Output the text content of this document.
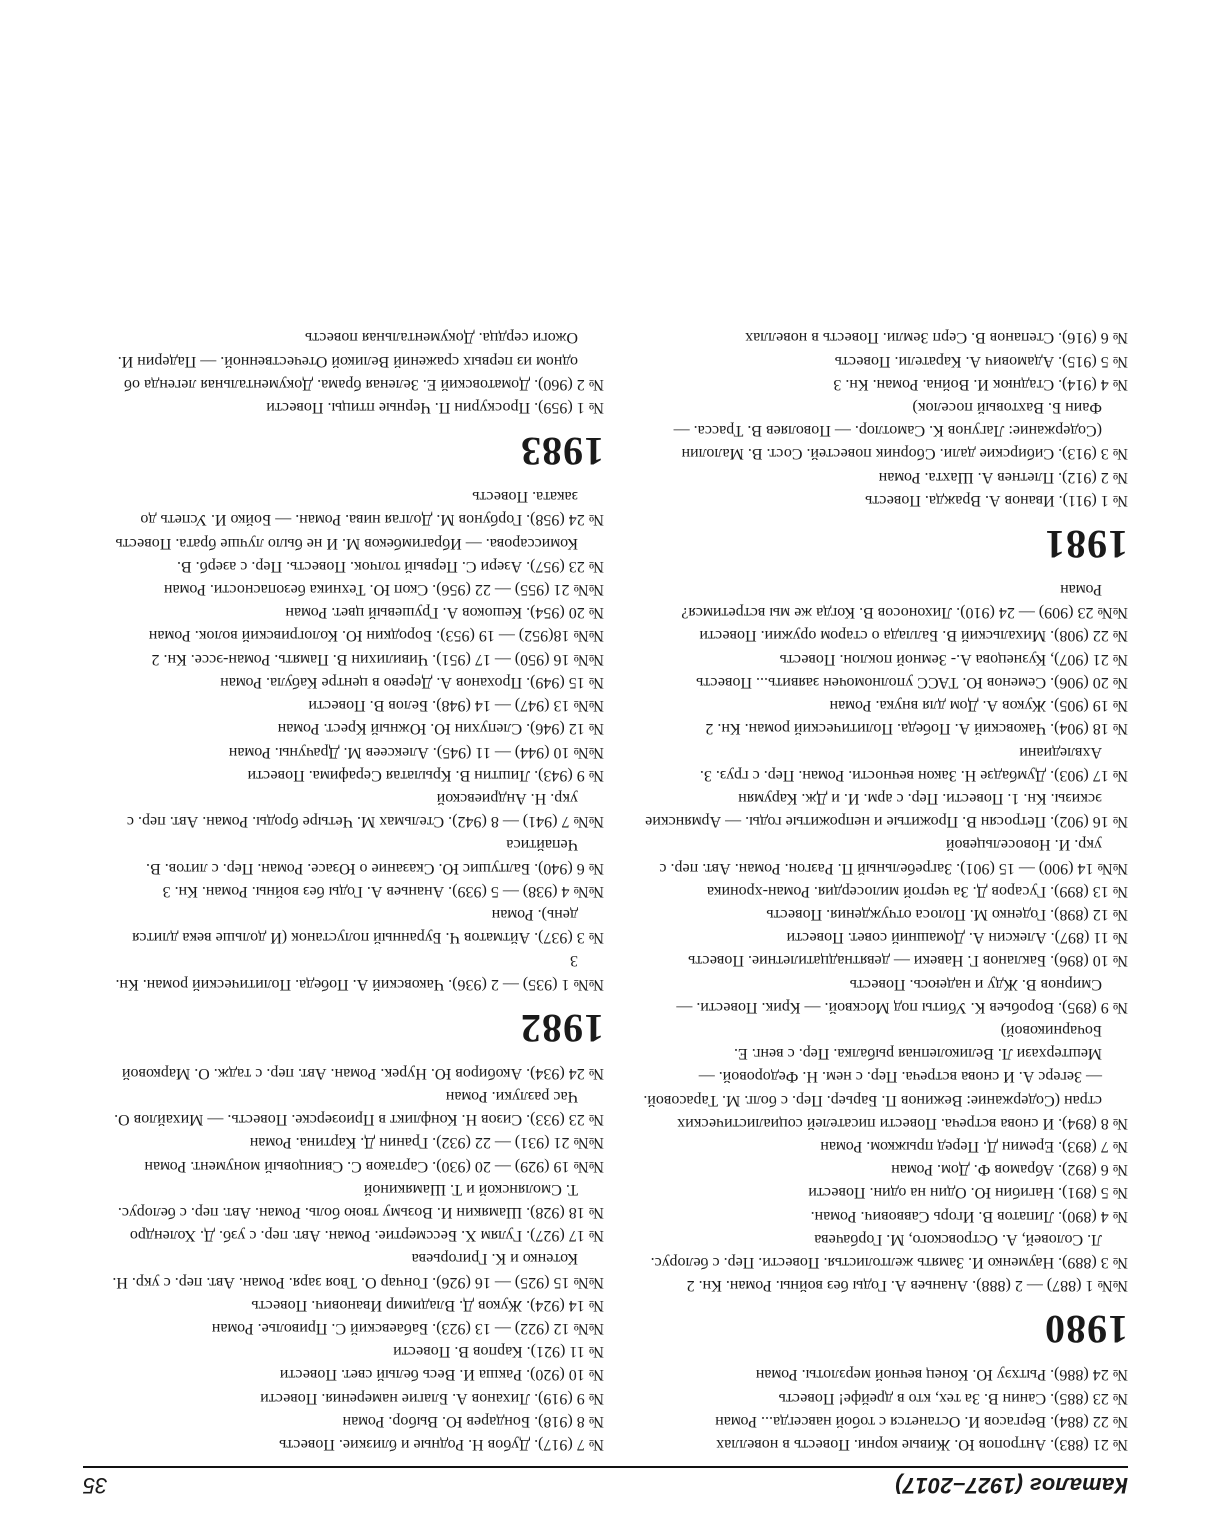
Каталог (1927–2017)
35
№ 21 (883). Антропов Ю. Живые корни. Повесть в новеллах
№ 22 (884). Вергасов И. Останется с тобой навсегда... Роман
№ 23 (885). Санин В. За тех, кто в дрейфе! Повесть
№ 24 (886). Рытхэу Ю. Конец вечной мерзлоты. Роман
1980
№№ 1 (887) — 2 (888). Ананьев А. Годы без войны. Роман. Кн. 2
№ 3 (889). Науменко И. Замять желтолистья. Повести. Пер. с белорус. Л. Соловей, А. Островского, М. Горбачева
№ 4 (890). Липатов В. Игорь Саввович. Роман.
№ 5 (891). Нагибин Ю. Один на один. Повести
№ 6 (892). Абрамов Ф. Дом. Роман
№ 7 (893). Еремин Д. Перед прыжком. Роман
№ 8 (894). И снова встреча. Повести писателей социалистических стран (Содержание: Вежинов П. Барьер. Пер. с болг. М. Тарасовой. — Зегерс А. И снова встреча. Пер. с нем. Н. Федоровой. — Мештерхази Л. Великолепная рыбалка. Пер. с венг. Е. Бочарниковой)
№ 9 (895). Воробьев К. Убиты под Москвой. — Крик. Повести. — Смирнов В. Жду и надеюсь. Повесть
№ 10 (896). Бакланов Г. Навеки — девятнадцатилетние. Повесть
№ 11 (897). Алексин А. Домашний совет. Повести
№ 12 (898). Годенко М. Полоса отчуждения. Повесть
№ 13 (899). Гусаров Д. За чертой милосердия. Роман-хроника
№№ 14 (900) — 15 (901). Загребельный П. Разгон. Роман. Авт. пер. с укр. И. Новосельцевой
№ 16 (902). Петросян В. Прожитые и непрожитые годы. — Армянские эскизы. Кн. 1. Повести. Пер. с арм. И. и Дж. Карумян
№ 17 (903). Думбадзе Н. Закон вечности. Роман. Пер. с груз. З. Ахвледиани
№ 18 (904). Чаковский А. Победа. Политический роман. Кн. 2
№ 19 (905). Жуков А. Дом для внука. Роман
№ 20 (906). Семенов Ю. ТАСС уполномочен заявить... Повесть
№ 21 (907), Кузнецова А.- Земной поклон. Повесть
№ 22 (908). Михальский В. Баллада о старом оружии. Повести
№№ 23 (909) — 24 (910). Лихоносов В. Когда же мы встретимся? Роман
1981
№ 1 (911). Иванов А. Вражда. Повесть
№ 2 (912). Плетнев А. Шахта. Роман
№ 3 (913). Сибирские дали. Сборник повестей. Сост. В. Малолин (Содержание: Лагунов К. Самотлор. — Поволяев В. Трасса. — Фаин Б. Вахтовый поселок)
№ 4 (914). Стаднюк И. Война. Роман. Кн. 3
№ 5 (915). Адамович А. Каратели. Повесть
№ 6 (916). Степанов В. Серп Земли. Повесть в новеллах
№ 7 (917). Дубов Н. Родные и близкие. Повесть
№ 8 (918). Бондарев Ю. Выбор. Роман
№ 9 (919). Лиханов А. Благие намерения. Повести
№ 10 (920). Ракша И. Весь белый свет. Повести
№ 11 (921). Карпов В. Повести
№№ 12 (922) — 13 (923). Бабаевский С. Приволье. Роман
№ 14 (924). Жуков Д. Владимир Иванович. Повесть
№№ 15 (925) — 16 (926). Гончар О. Твоя заря. Роман. Авт. пер. с укр. Н. Котенко и К. Григорьева
№ 17 (927). Гулям Х. Бессмертие. Роман. Авт. пер. с узб. Д. Холендро
№ 18 (928). Шамякин И. Возьму твою боль. Роман. Авт. пер. с белорус. Т. Смолянской и Т. Шамякиной
№№ 19 (929) — 20 (930). Сартаков С. Свинцовый монумент. Роман
№№ 21 (931) — 22 (932). Гранин Д. Картина. Роман
№ 23 (933). Сизов Н. Конфликт в Приозерске. Повесть. — Михайлов О. Час разлуки. Роман
№ 24 (934). Акобиров Ю. Нурек. Роман. Авт. пер. с тадж. О. Марковой
1982
№№ 1 (935) — 2 (936). Чаковский А. Победа. Политический роман. Кн. 3
№ 3 (937). Айтматов Ч. Буранный полустанок (И дольше века длится день). Роман
№№ 4 (938) — 5 (939). Ананьев А. Годы без войны. Роман. Кн. 3
№ 6 (940). Балтушис Ю. Сказание о Юзасе. Роман. Пер. с литов. В. Чепайтиса
№№ 7 (941) — 8 (942). Стельмах М. Четыре броды. Роман. Авт. пер. с укр. Н. Андриевской
№ 9 (943). Лиштин В. Крылатая Серафима. Повести
№№ 10 (944) — 11 (945). Алексеев М. Драчуны. Роман
№ 12 (946). Слепухин Ю. Южный Крест. Роман
№№ 13 (947) — 14 (948). Белов В. Повести
№ 15 (949). Проханов А. Дерево в центре Кабула. Роман
№№ 16 (950) — 17 (951). Чивилихин В. Память. Роман-эссе. Кн. 2
№№ 18(952) — 19 (953). Бородкин Ю. Кологривский волок. Роман
№ 20 (954). Кешоков А. Грушевый цвет. Роман
№№ 21 (955) — 22 (956). Скоп Ю. Техника безопасности. Роман
№ 23 (957). Азери С. Первый толчок. Повесть. Пер. с азерб. В. Комиссарова. — Ибрагимбеков М. И не было лучше брата. Повесть
№ 24 (958). Горбунов М. Долгая нива. Роман. — Бойко И. Успеть до заката. Повесть
1983
№ 1 (959). Проскурин П. Черные птицы. Повести
№ 2 (960). Доматовский Е. Зеленая брама. Документальная легенда об одном из первых сражений Великой Отечественной. — Падерин И. Ожоги сердца. Документальная повесть
